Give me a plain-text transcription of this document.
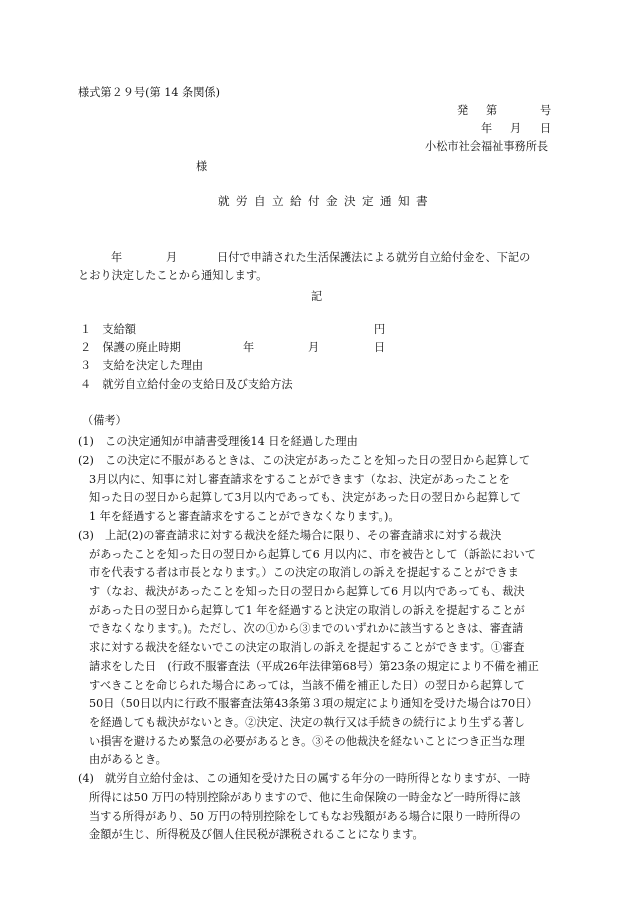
様式第２９号(第 14 条関係)
発 第	号
年 月 日
小松市社会福祉事務所長
様
就労自立給付金決定通知書
年	月	日付で申請された生活保護法による就労自立給付金を、下記の
とおり決定したことから通知します。
記
１　支給額	円
２　保護の廃止時期	年	月	日
３　支給を決定した理由
４　就労自立給付金の支給日及び支給方法
（備考）
(1)　この決定通知が申請書受理後14 日を経過した理由
(2)　この決定に不服があるときは、この決定があったことを知った日の翌日から起算して
3月以内に、知事に対し審査請求をすることができます（なお、決定があったことを
知った日の翌日から起算して3月以内であっても、決定があった日の翌日から起算して
1 年を経過すると審査請求をすることができなくなります。)。
(3)　上記(2)の審査請求に対する裁決を経た場合に限り、その審査請求に対する裁決
があったことを知った日の翌日から起算して6 月以内に、市を被告として（訴訟において
市を代表する者は市長となります。）この決定の取消しの訴えを提起することができま
す（なお、裁決があったことを知った日の翌日から起算して6 月以内であっても、裁決
があった日の翌日から起算して1 年を経過すると決定の取消しの訴えを提起することが
できなくなります。)。ただし、次の①から③までのいずれかに該当するときは、審査請
求に対する裁決を経ないでこの決定の取消しの訴えを提起することができます。①審査
請求をした日　(行政不服審査法（平成26年法律第68号）第23条の規定により不備を補正
すべきことを命じられた場合にあっては，当該不備を補正した日）の翌日から起算して
50日（50日以内に行政不服審査法第43条第３項の規定により通知を受けた場合は70日）
を経過しても裁決がないとき。②決定、決定の執行又は手続きの続行により生ずる著し
い損害を避けるため緊急の必要があるとき。③その他裁決を経ないことにつき正当な理
由があるとき。
(4)　就労自立給付金は、この通知を受けた日の属する年分の一時所得となりますが、一時
所得には50 万円の特別控除がありますので、他に生命保険の一時金など一時所得に該
当する所得があり、50 万円の特別控除をしてもなお残額がある場合に限り一時所得の
金額が生じ、所得税及び個人住民税が課税されることになります。
